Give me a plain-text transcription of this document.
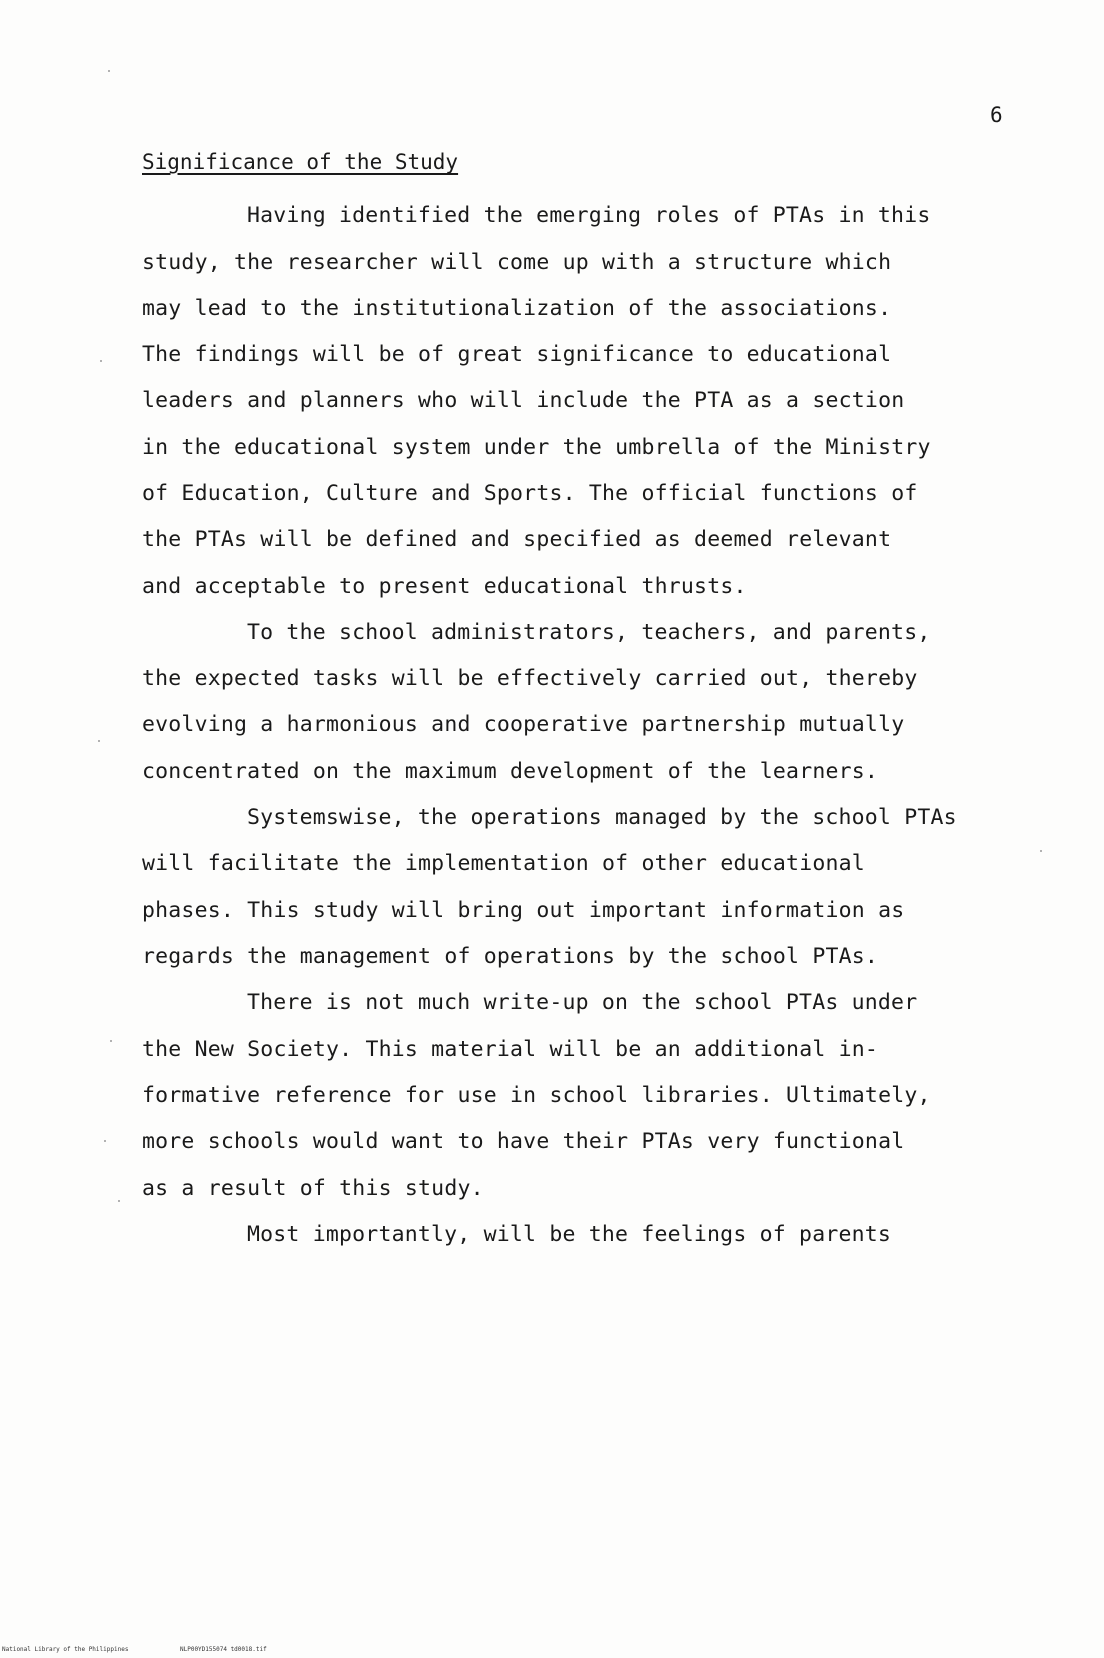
6
Significance of the Study
Having identified the emerging roles of PTAs in this
study, the researcher will come up with a structure which
may lead to the institutionalization of the associations.
The findings will be of great significance to educational
leaders and planners who will include the PTA as a section
in the educational system under the umbrella of the Ministry
of Education, Culture and Sports. The official functions of
the PTAs will be defined and specified as deemed relevant
and acceptable to present educational thrusts.
To the school administrators, teachers, and parents,
the expected tasks will be effectively carried out, thereby
evolving a harmonious and cooperative partnership mutually
concentrated on the maximum development of the learners.
Systemswise, the operations managed by the school PTAs
will facilitate the implementation of other educational
phases. This study will bring out important information as
regards the management of operations by the school PTAs.
There is not much write-up on the school PTAs under
the New Society. This material will be an additional in-
formative reference for use in school libraries. Ultimately,
more schools would want to have their PTAs very functional
as a result of this study.
Most importantly, will be the feelings of parents
National Library of the Philippines	NLP00YD155074 td0018.tif
